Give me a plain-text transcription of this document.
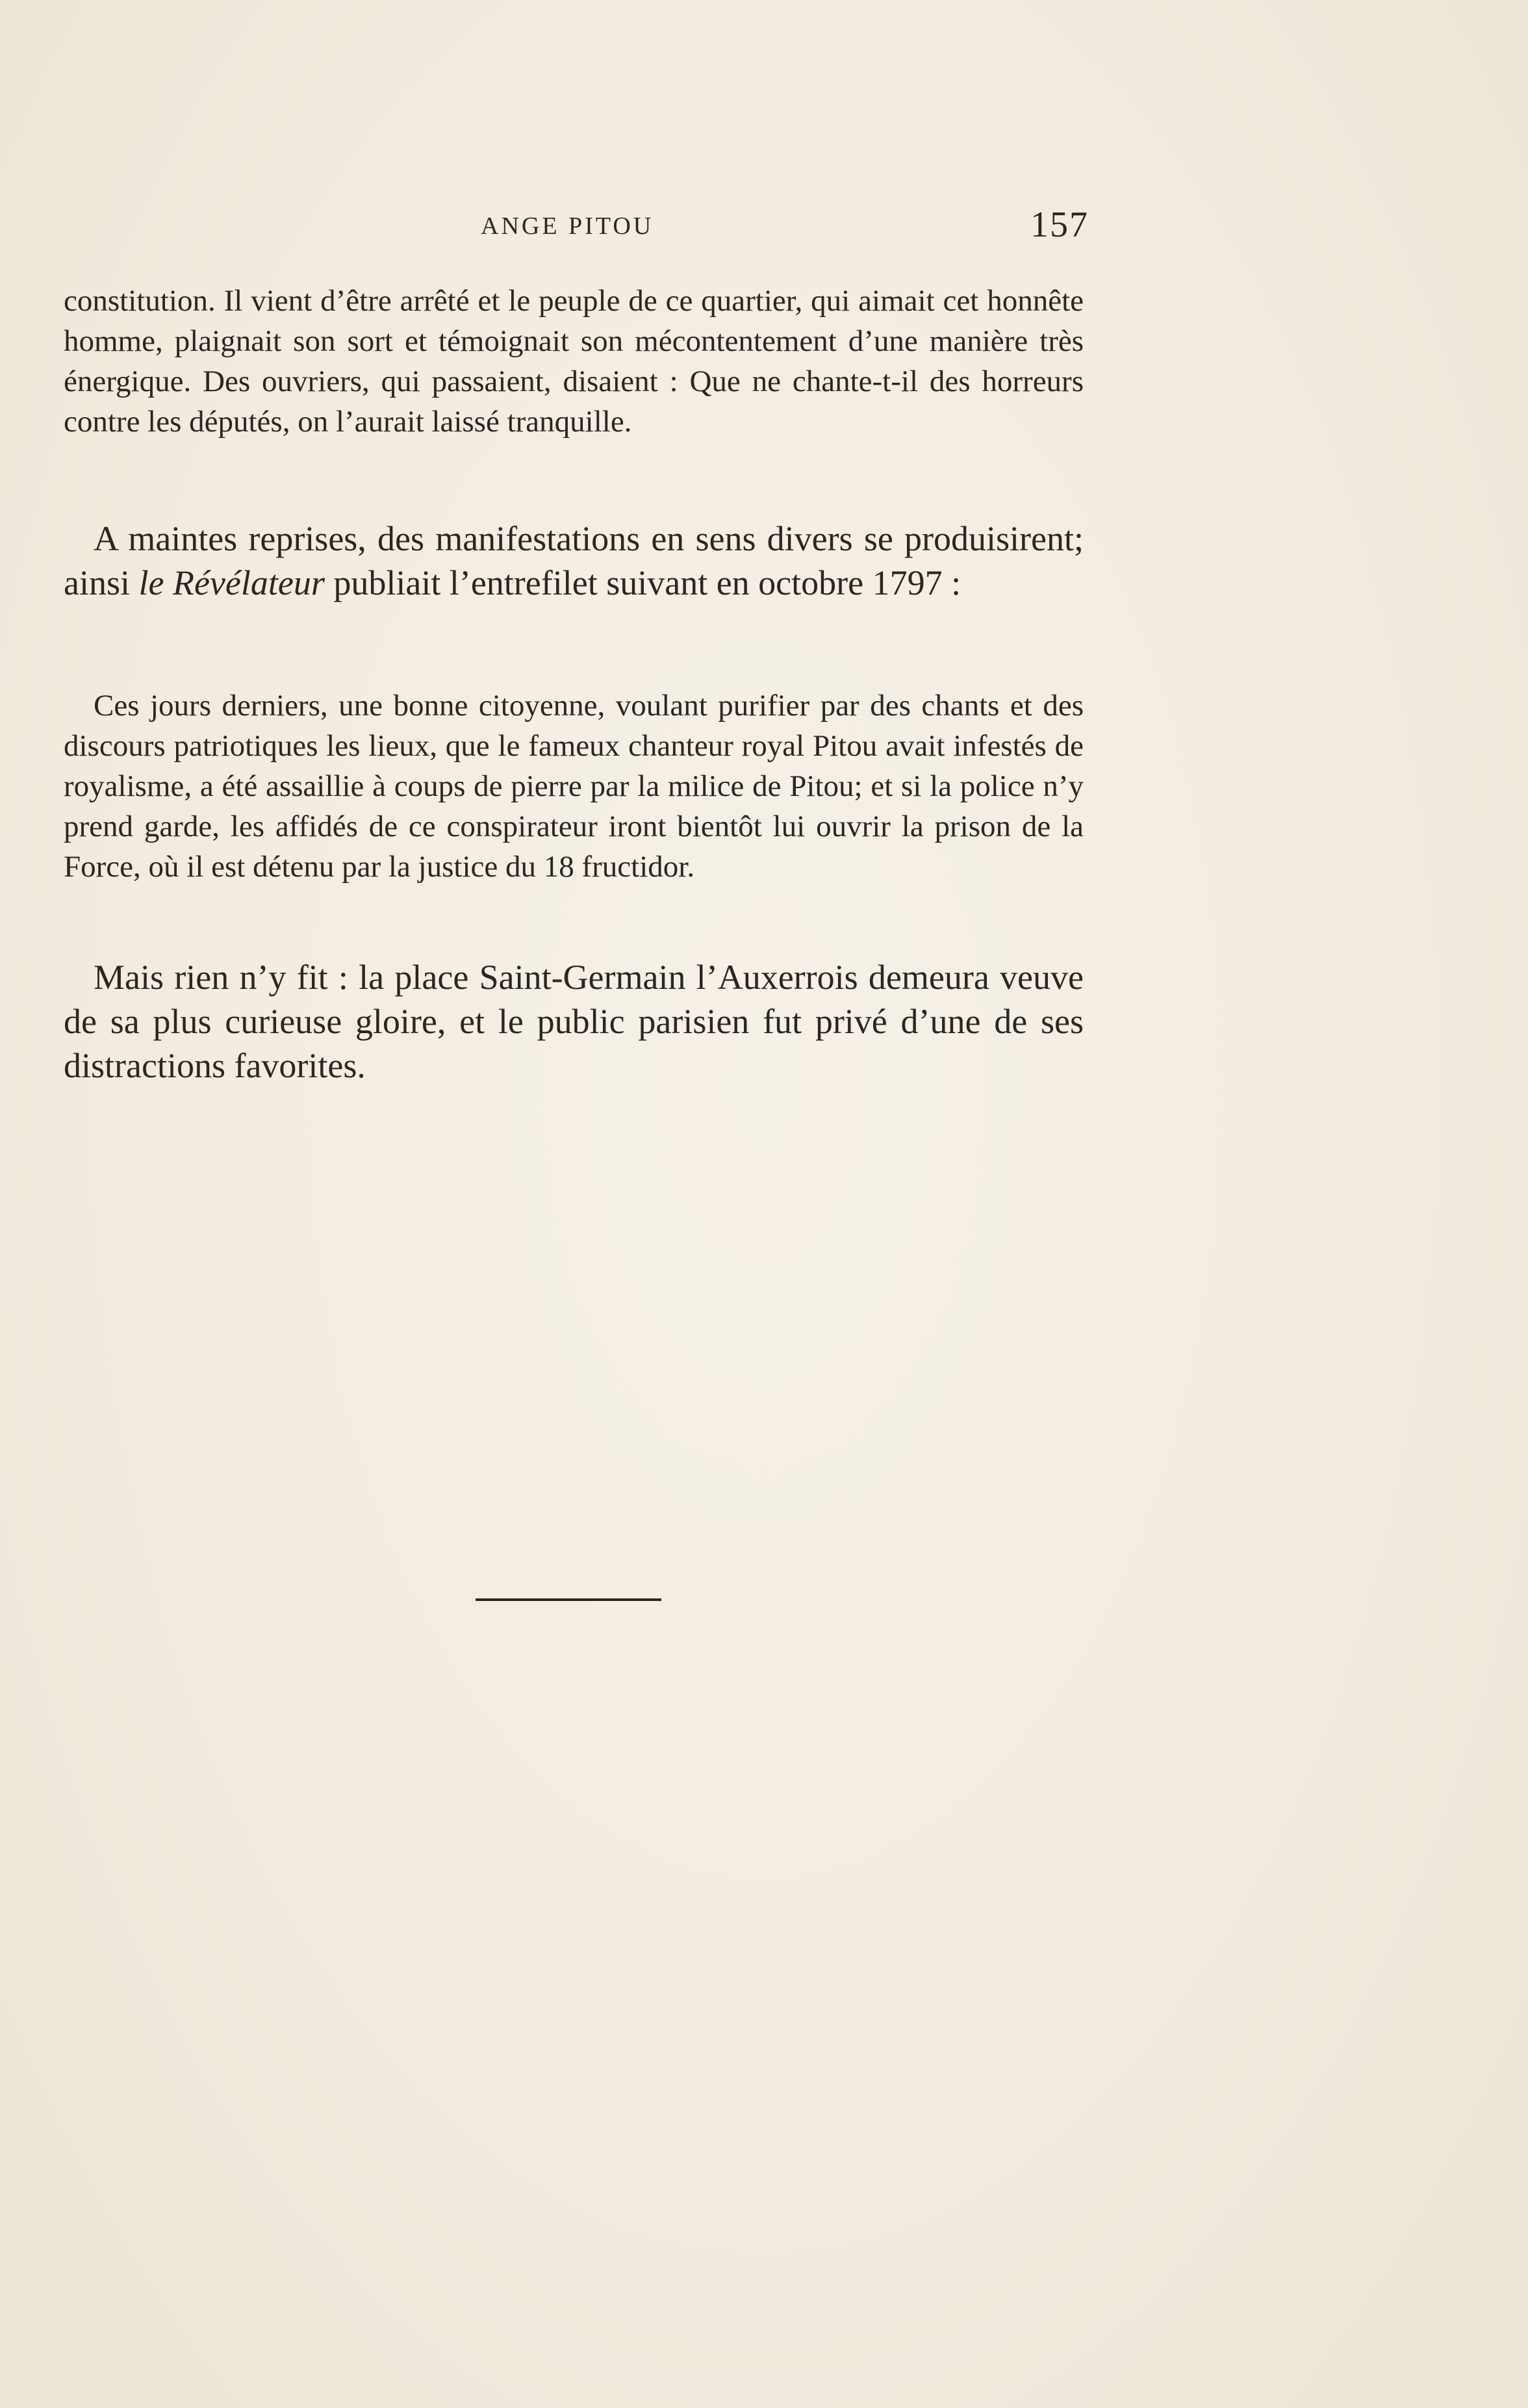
ANGE PITOU	157

constitution. Il vient d’être arrêté et le peuple de ce quartier, qui aimait cet honnête homme, plaignait son sort et témoignait son mécontentement d’une manière très énergique. Des ouvriers, qui passaient, disaient : Que ne chante-t-il des horreurs contre les députés, on l’aurait laissé tranquille.

A maintes reprises, des manifestations en sens divers se produisirent; ainsi le Révélateur publiait l’entrefilet suivant en octobre 1797 :

Ces jours derniers, une bonne citoyenne, voulant purifier par des chants et des discours patriotiques les lieux, que le fameux chanteur royal Pitou avait infestés de royalisme, a été assaillie à coups de pierre par la milice de Pitou; et si la police n’y prend garde, les affidés de ce conspirateur iront bientôt lui ouvrir la prison de la Force, où il est détenu par la justice du 18 fructidor.

Mais rien n’y fit : la place Saint-Germain l’Auxerrois demeura veuve de sa plus curieuse gloire, et le public parisien fut privé d’une de ses distractions favorites.
